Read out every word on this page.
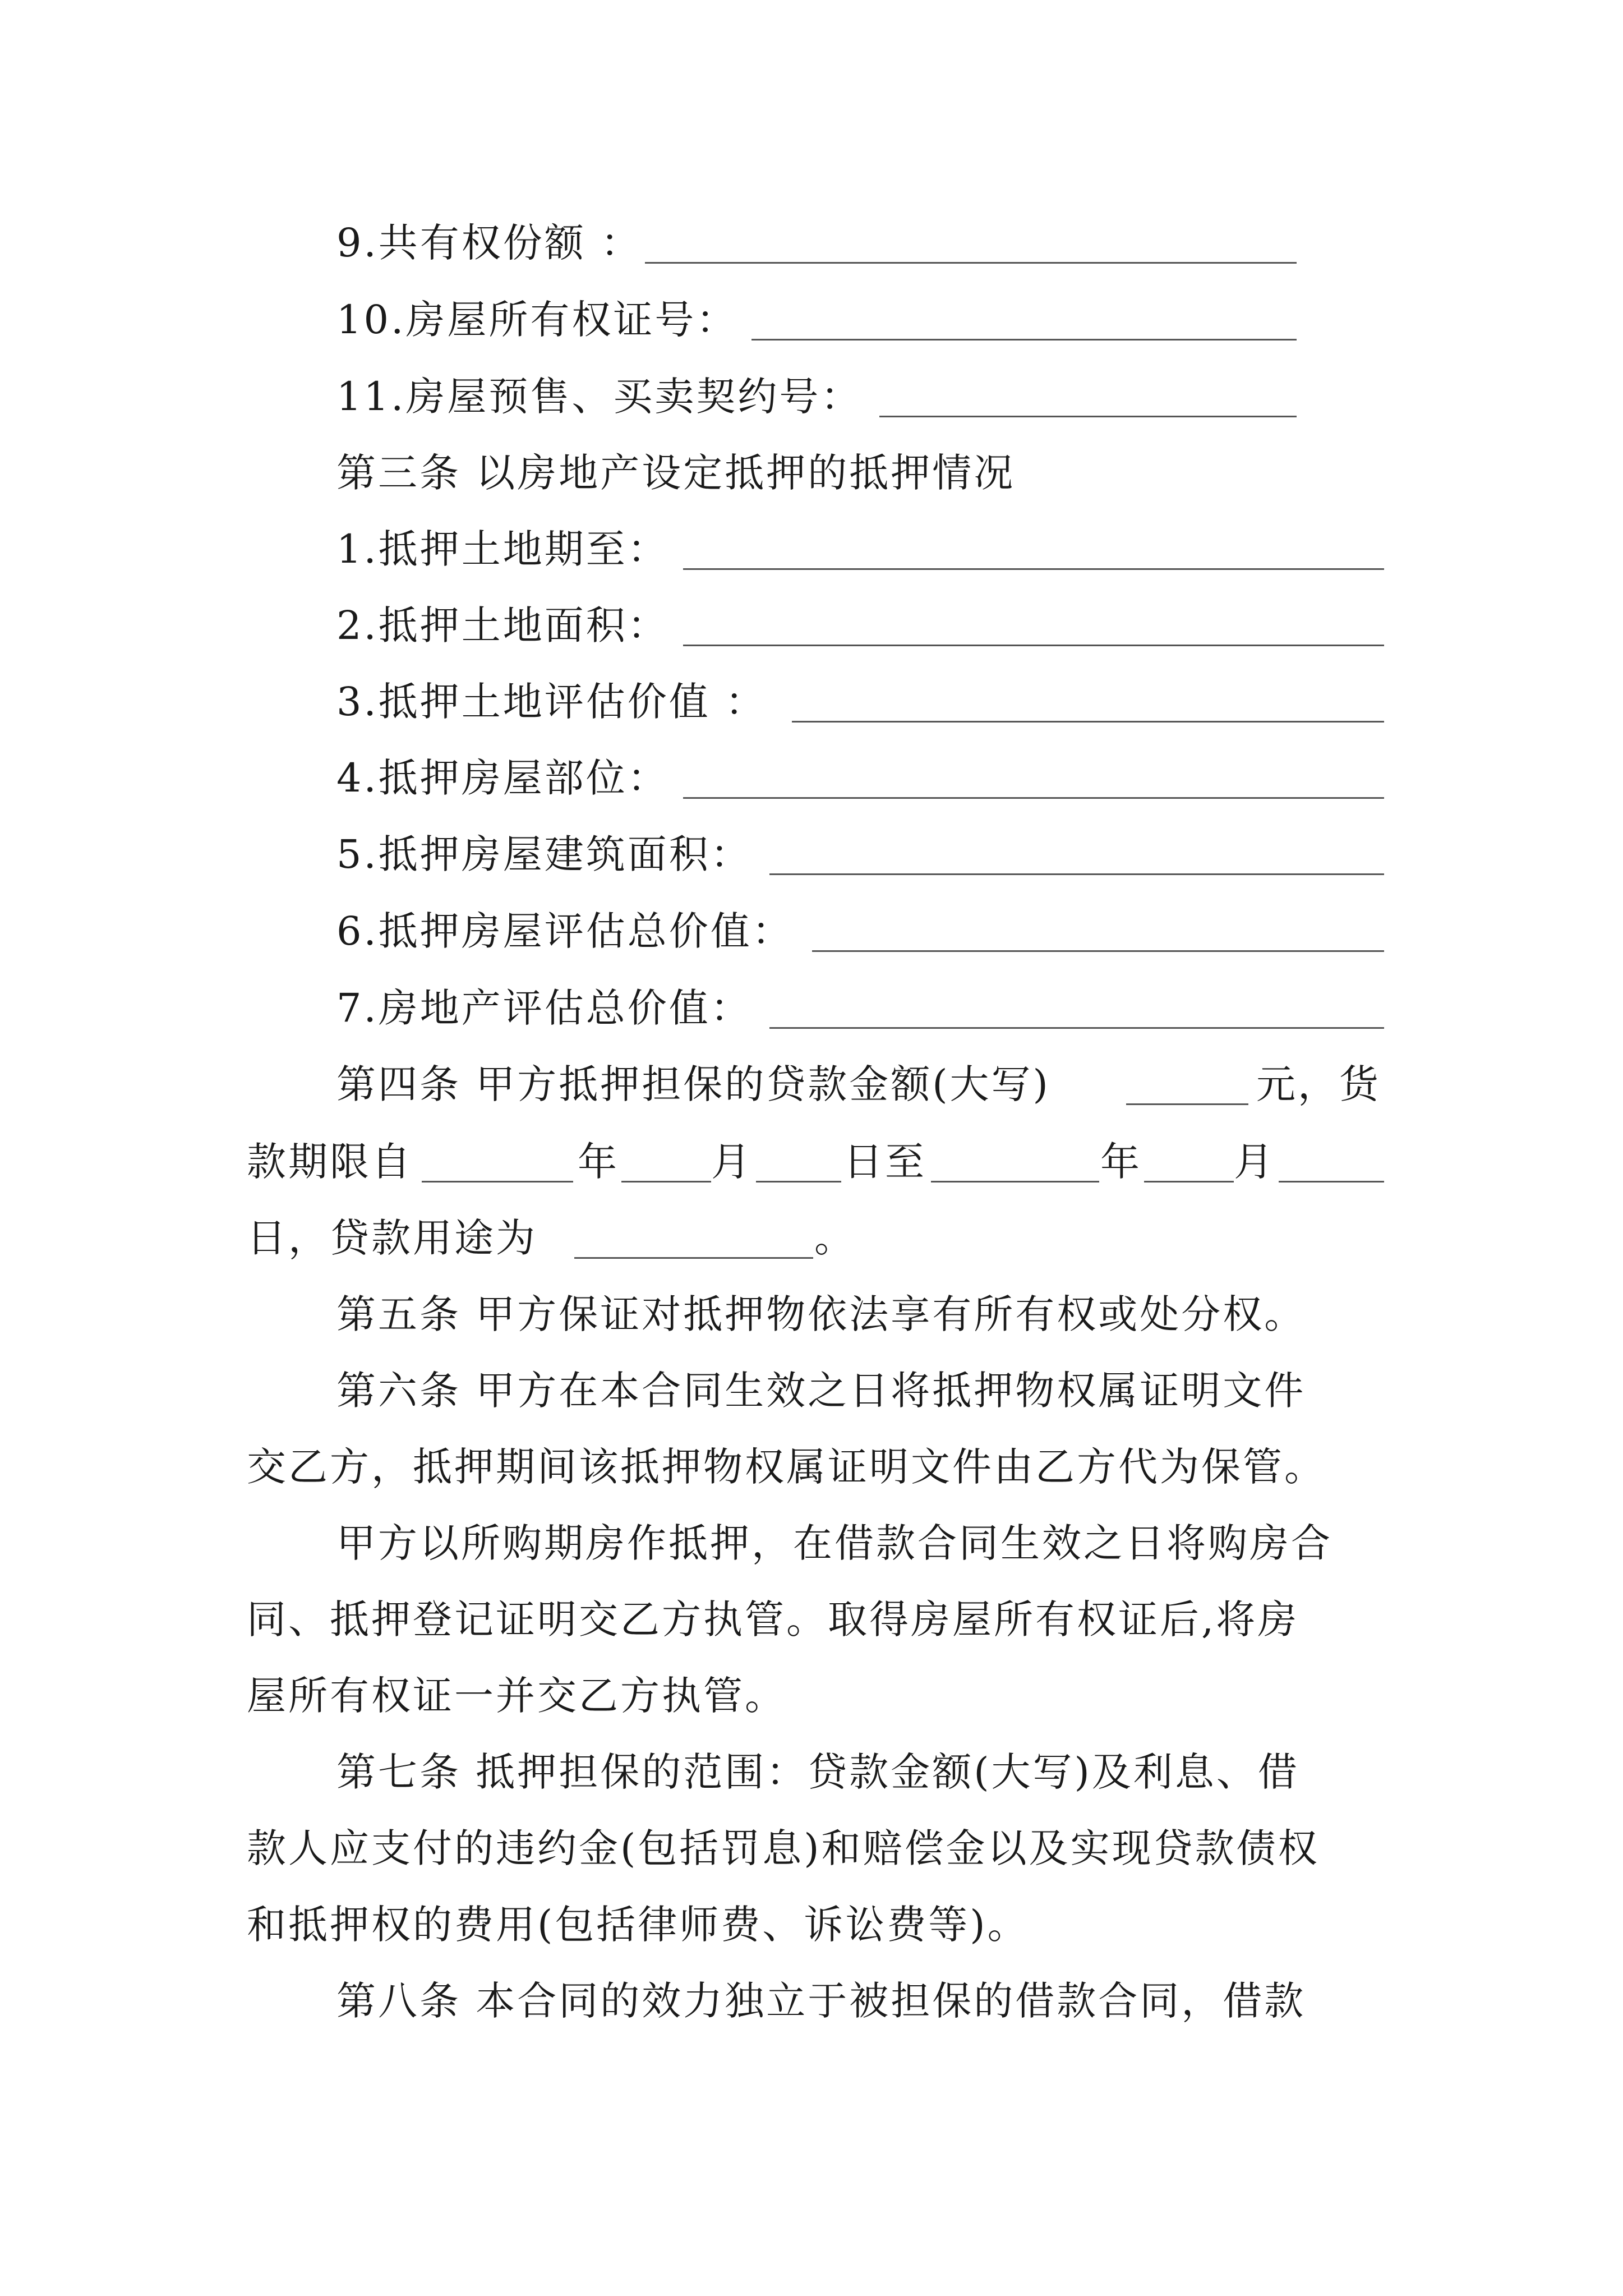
9.共有权份额 ：
10.房屋所有权证号：
11.房屋预售、买卖契约号：
第三条 以房地产设定抵押的抵押情况
1.抵押土地期至：
2.抵押土地面积：
3.抵押土地评估价值 ：
4.抵押房屋部位：
5.抵押房屋建筑面积：
6.抵押房屋评估总价值：
7.房地产评估总价值：
第四条 甲方抵押担保的贷款金额(大写)	元，货
款期限自	年 月 日至	年 月
日，贷款用途为	。
第五条 甲方保证对抵押物依法享有所有权或处分权。
第六条 甲方在本合同生效之日将抵押物权属证明文件
交乙方，抵押期间该抵押物权属证明文件由乙方代为保管。
甲方以所购期房作抵押，在借款合同生效之日将购房合
同、抵押登记证明交乙方执管。取得房屋所有权证后,将房
屋所有权证一并交乙方执管。
第七条 抵押担保的范围：贷款金额(大写)及利息、借
款人应支付的违约金(包括罚息)和赔偿金以及实现贷款债权
和抵押权的费用(包括律师费、诉讼费等)。
第八条 本合同的效力独立于被担保的借款合同，借款
